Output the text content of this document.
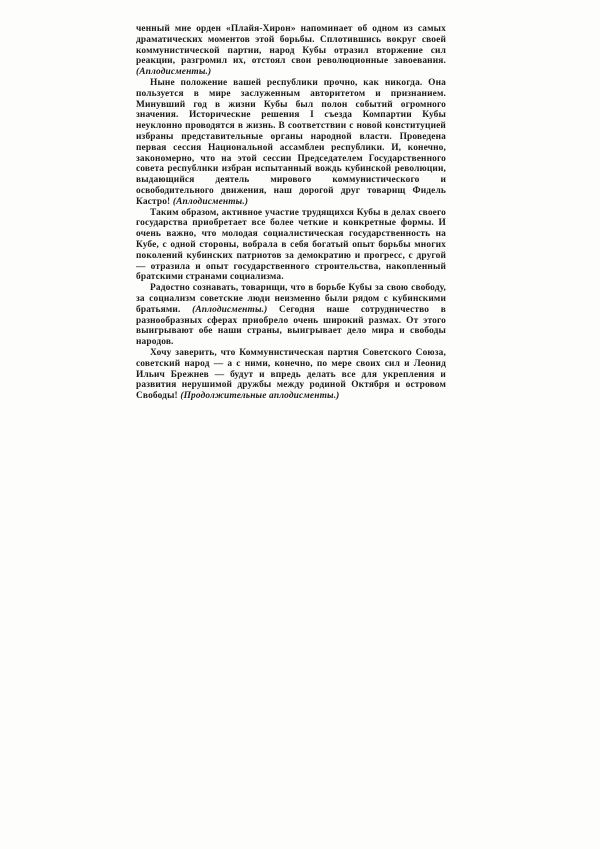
ченный мне орден «Плайя-Хирон» напоминает об одном из самых драматических моментов этой борьбы. Сплотившись вокруг своей коммунистической партии, народ Кубы отразил вторжение сил реакции, разгромил их, отстоял свои революционные завоевания. (Аплодисменты.)

Ныне положение вашей республики прочно, как никогда. Она пользуется в мире заслуженным авторитетом и признанием. Минувший год в жизни Кубы был полон событий огромного значения. Исторические решения I съезда Компартии Кубы неуклонно проводятся в жизнь. В соответствии с новой конституцией избраны представительные органы народной власти. Проведена первая сессия Национальной ассамблеи республики. И, конечно, закономерно, что на этой сессии Председателем Государственного совета республики избран испытанный вождь кубинской революции, выдающийся деятель мирового коммунистического и освободительного движения, наш дорогой друг товарищ Фидель Кастро! (Аплодисменты.)

Таким образом, активное участие трудящихся Кубы в делах своего государства приобретает все более четкие и конкретные формы. И очень важно, что молодая социалистическая государственность на Кубе, с одной стороны, вобрала в себя богатый опыт борьбы многих поколений кубинских патриотов за демократию и прогресс, с другой — отразила и опыт государственного строительства, накопленный братскими странами социализма.

Радостно сознавать, товарищи, что в борьбе Кубы за свою свободу, за социализм советские люди неизменно были рядом с кубинскими братьями. (Аплодисменты.) Сегодня наше сотрудничество в разнообразных сферах приобрело очень широкий размах. От этого выигрывают обе наши страны, выигрывает дело мира и свободы народов.

Хочу заверить, что Коммунистическая партия Советского Союза, советский народ — а с ними, конечно, по мере своих сил и Леонид Ильич Брежнев — будут и впредь делать все для укрепления и развития нерушимой дружбы между родиной Октября и островом Свободы! (Продолжительные аплодисменты.)
